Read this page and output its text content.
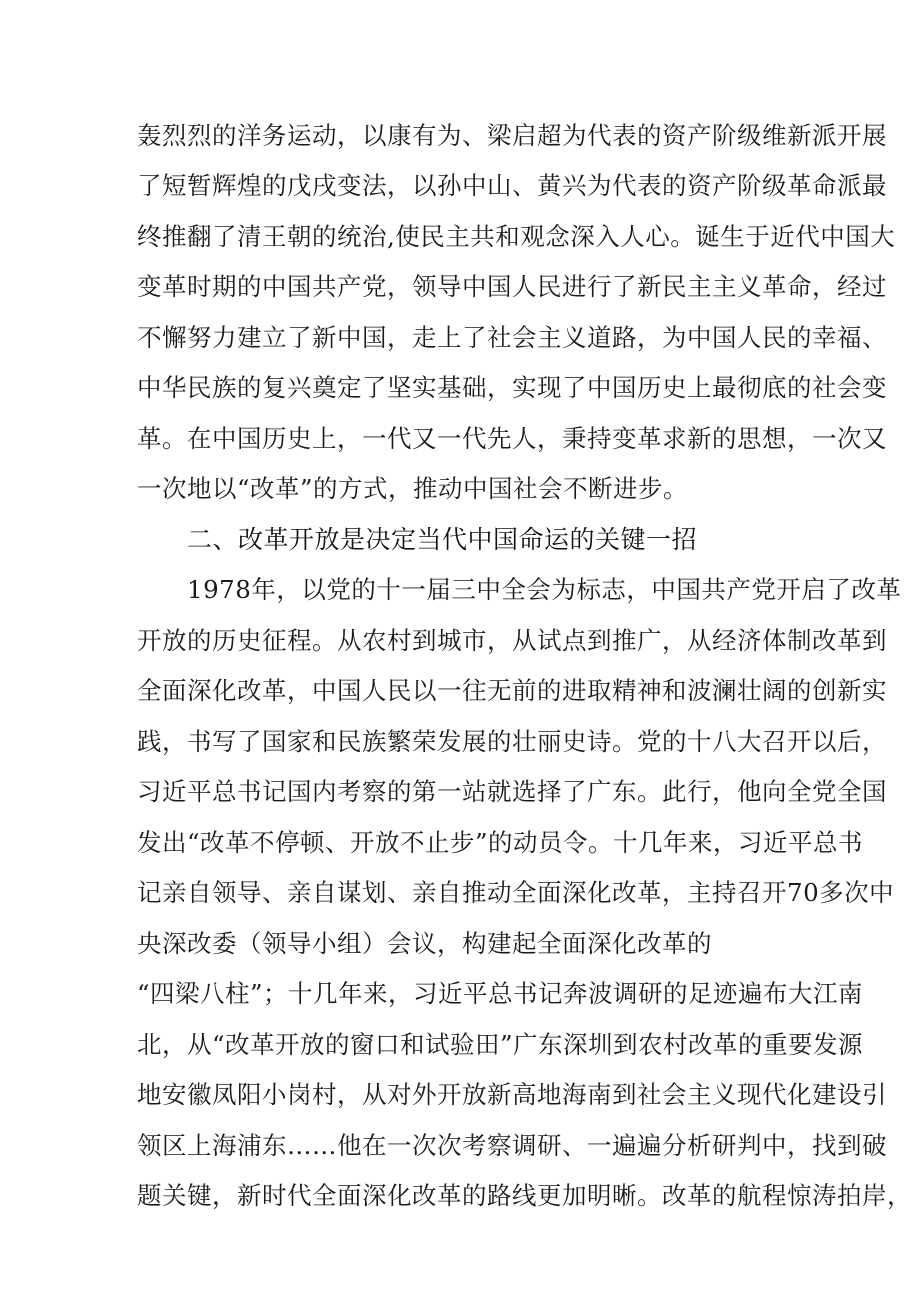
轰烈烈的洋务运动，以康有为、梁启超为代表的资产阶级维新派开展
了短暂辉煌的戊戌变法，以孙中山、黄兴为代表的资产阶级革命派最
终推翻了清王朝的统治,使民主共和观念深入人心。诞生于近代中国大
变革时期的中国共产党，领导中国人民进行了新民主主义革命，经过
不懈努力建立了新中国，走上了社会主义道路，为中国人民的幸福、
中华民族的复兴奠定了坚实基础，实现了中国历史上最彻底的社会变
革。在中国历史上，一代又一代先人，秉持变革求新的思想，一次又
一次地以“改革”的方式，推动中国社会不断进步。
二、改革开放是决定当代中国命运的关键一招
1978年，以党的十一届三中全会为标志，中国共产党开启了改革
开放的历史征程。从农村到城市，从试点到推广，从经济体制改革到
全面深化改革，中国人民以一往无前的进取精神和波澜壮阔的创新实
践，书写了国家和民族繁荣发展的壮丽史诗。党的十八大召开以后，
习近平总书记国内考察的第一站就选择了广东。此行，他向全党全国
发出“改革不停顿、开放不止步”的动员令。十几年来，习近平总书
记亲自领导、亲自谋划、亲自推动全面深化改革，主持召开70多次中
央深改委（领导小组）会议，构建起全面深化改革的
“四梁八柱”；十几年来，习近平总书记奔波调研的足迹遍布大江南
北，从“改革开放的窗口和试验田”广东深圳到农村改革的重要发源
地安徽凤阳小岗村，从对外开放新高地海南到社会主义现代化建设引
领区上海浦东……他在一次次考察调研、一遍遍分析研判中，找到破
题关键，新时代全面深化改革的路线更加明晰。改革的航程惊涛拍岸，
